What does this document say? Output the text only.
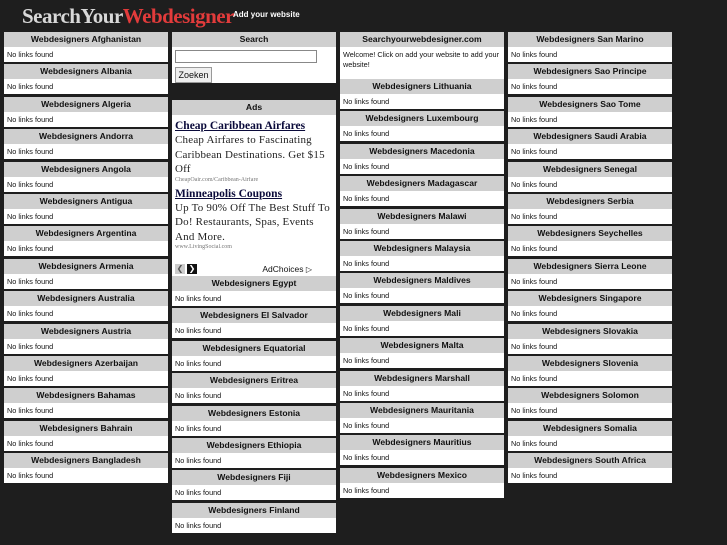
SearchYourWebdesigner Add your website
Webdesigners Afghanistan
No links found
Webdesigners Albania
No links found
Webdesigners Algeria
No links found
Webdesigners Andorra
No links found
Webdesigners Angola
No links found
Webdesigners Antigua
No links found
Webdesigners Argentina
No links found
Webdesigners Armenia
No links found
Webdesigners Australia
No links found
Webdesigners Austria
No links found
Webdesigners Azerbaijan
No links found
Webdesigners Bahamas
No links found
Webdesigners Bahrain
No links found
Webdesigners Bangladesh
No links found
Search
Zoeken
Ads
Cheap Caribbean Airfares
Cheap Airfares to Fascinating Caribbean Destinations. Get $15 Off
CheapOair.com/Caribbean-Airfare
Minneapolis Coupons
Up To 90% Off The Best Stuff To Do! Restaurants, Spas, Events And More.
www.LivingSocial.com
❮ ❯	AdChoices ▷
Webdesigners Egypt
No links found
Webdesigners El Salvador
No links found
Webdesigners Equatorial
No links found
Webdesigners Eritrea
No links found
Webdesigners Estonia
No links found
Webdesigners Ethiopia
No links found
Webdesigners Fiji
No links found
Webdesigners Finland
No links found
Searchyourwebdesigner.com
Welcome! Click on add your website to add your website!
Webdesigners Lithuania
No links found
Webdesigners Luxembourg
No links found
Webdesigners Macedonia
No links found
Webdesigners Madagascar
No links found
Webdesigners Malawi
No links found
Webdesigners Malaysia
No links found
Webdesigners Maldives
No links found
Webdesigners Mali
No links found
Webdesigners Malta
No links found
Webdesigners Marshall
No links found
Webdesigners Mauritania
No links found
Webdesigners Mauritius
No links found
Webdesigners Mexico
No links found
Webdesigners San Marino
No links found
Webdesigners Sao Principe
No links found
Webdesigners Sao Tome
No links found
Webdesigners Saudi Arabia
No links found
Webdesigners Senegal
No links found
Webdesigners Serbia
No links found
Webdesigners Seychelles
No links found
Webdesigners Sierra Leone
No links found
Webdesigners Singapore
No links found
Webdesigners Slovakia
No links found
Webdesigners Slovenia
No links found
Webdesigners Solomon
No links found
Webdesigners Somalia
No links found
Webdesigners South Africa
No links found
